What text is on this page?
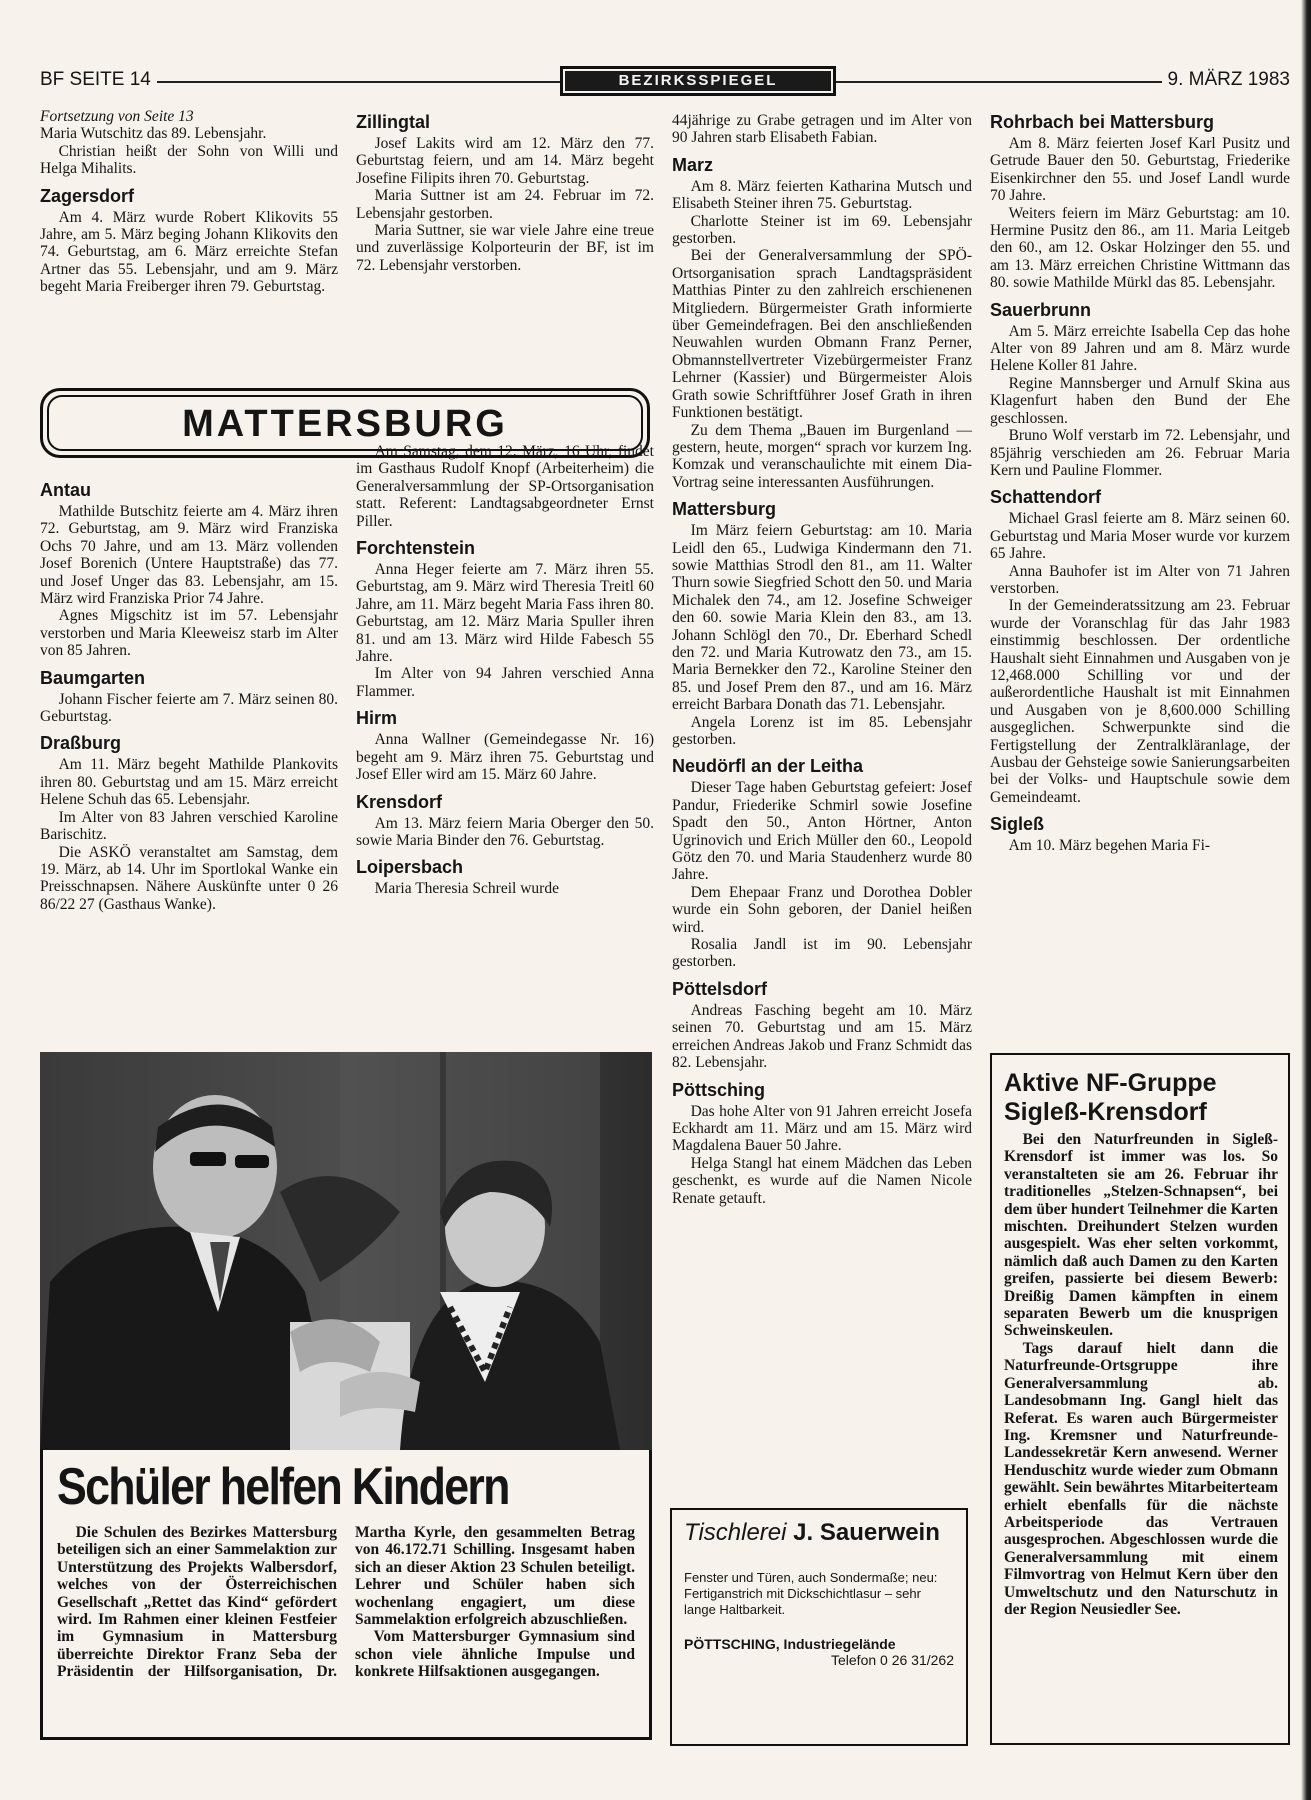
BF SEITE 14	BEZIRKSSPIEGEL	9. MÄRZ 1983

Fortsetzung von Seite 13

Maria Wutschitz das 89. Lebensjahr.

Christian heißt der Sohn von Willi und Helga Mihalits.

Zagersdorf

Am 4. März wurde Robert Klikovits 55 Jahre, am 5. März beging Johann Klikovits den 74. Geburtstag, am 6. März erreichte Stefan Artner das 55. Lebensjahr, und am 9. März begeht Maria Freiberger ihren 79. Geburtstag.

Zillingtal

Josef Lakits wird am 12. März den 77. Geburtstag feiern, und am 14. März begeht Josefine Filipits ihren 70. Geburtstag.

Maria Suttner ist am 24. Februar im 72. Lebensjahr gestorben.

Maria Suttner, sie war viele Jahre eine treue und zuverlässige Kolporteurin der BF, ist im 72. Lebensjahr verstorben.

MATTERSBURG
Antau

Mathilde Butschitz feierte am 4. März ihren 72. Geburtstag, am 9. März wird Franziska Ochs 70 Jahre, und am 13. März vollenden Josef Borenich (Untere Hauptstraße) das 77. und Josef Unger das 83. Lebensjahr, am 15. März wird Franziska Prior 74 Jahre.

Agnes Migschitz ist im 57. Lebensjahr verstorben und Maria Kleeweisz starb im Alter von 85 Jahren.

Baumgarten

Johann Fischer feierte am 7. März seinen 80. Geburtstag.

Draßburg

Am 11. März begeht Mathilde Plankovits ihren 80. Geburtstag und am 15. März erreicht Helene Schuh das 65. Lebensjahr.

Im Alter von 83 Jahren verschied Karoline Barischitz.

Die ASKÖ veranstaltet am Samstag, dem 19. März, ab 14. Uhr im Sportlokal Wanke ein Preisschnapsen. Nähere Auskünfte unter 0 26 86/22 27 (Gasthaus Wanke).

Am Samstag, dem 12. März, 16 Uhr, findet im Gasthaus Rudolf Knopf (Arbeiterheim) die Generalversammlung der SP-Ortsorganisation statt. Referent: Landtagsabgeordneter Ernst Piller.

Forchtenstein

Anna Heger feierte am 7. März ihren 55. Geburtstag, am 9. März wird Theresia Treitl 60 Jahre, am 11. März begeht Maria Fass ihren 80. Geburtstag, am 12. März Maria Spuller ihren 81. und am 13. März wird Hilde Fabesch 55 Jahre.

Im Alter von 94 Jahren verschied Anna Flammer.

Hirm

Anna Wallner (Gemeindegasse Nr. 16) begeht am 9. März ihren 75. Geburtstag und Josef Eller wird am 15. März 60 Jahre.

Krensdorf

Am 13. März feiern Maria Oberger den 50. sowie Maria Binder den 76. Geburtstag.

Loipersbach

Maria Theresia Schreil wurde

44jährige zu Grabe getragen und im Alter von 90 Jahren starb Elisabeth Fabian.

Marz

Am 8. März feierten Katharina Mutsch und Elisabeth Steiner ihren 75. Geburtstag.

Charlotte Steiner ist im 69. Lebensjahr gestorben.

Bei der Generalversammlung der SPÖ-Ortsorganisation sprach Landtagspräsident Matthias Pinter zu den zahlreich erschienenen Mitgliedern. Bürgermeister Grath informierte über Gemeindefragen. Bei den anschließenden Neuwahlen wurden Obmann Franz Perner, Obmannstellvertreter Vizebürgermeister Franz Lehrner (Kassier) und Bürgermeister Alois Grath sowie Schriftführer Josef Grath in ihren Funktionen bestätigt.

Zu dem Thema „Bauen im Burgenland — gestern, heute, morgen“ sprach vor kurzem Ing. Komzak und veranschaulichte mit einem Dia-Vortrag seine interessanten Ausführungen.

Mattersburg

Im März feiern Geburtstag: am 10. Maria Leidl den 65., Ludwiga Kindermann den 71. sowie Matthias Strodl den 81., am 11. Walter Thurn sowie Siegfried Schott den 50. und Maria Michalek den 74., am 12. Josefine Schweiger den 60. sowie Maria Klein den 83., am 13. Johann Schlögl den 70., Dr. Eberhard Schedl den 72. und Maria Kutrowatz den 73., am 15. Maria Bernekker den 72., Karoline Steiner den 85. und Josef Prem den 87., und am 16. März erreicht Barbara Donath das 71. Lebensjahr.

Angela Lorenz ist im 85. Lebensjahr gestorben.

Neudörfl an der Leitha

Dieser Tage haben Geburtstag gefeiert: Josef Pandur, Friederike Schmirl sowie Josefine Spadt den 50., Anton Hörtner, Anton Ugrinovich und Erich Müller den 60., Leopold Götz den 70. und Maria Staudenherz wurde 80 Jahre.

Dem Ehepaar Franz und Dorothea Dobler wurde ein Sohn geboren, der Daniel heißen wird.

Rosalia Jandl ist im 90. Lebensjahr gestorben.

Pöttelsdorf

Andreas Fasching begeht am 10. März seinen 70. Geburtstag und am 15. März erreichen Andreas Jakob und Franz Schmidt das 82. Lebensjahr.

Pöttsching

Das hohe Alter von 91 Jahren erreicht Josefa Eckhardt am 11. März und am 15. März wird Magdalena Bauer 50 Jahre.

Helga Stangl hat einem Mädchen das Leben geschenkt, es wurde auf die Namen Nicole Renate getauft.

Rohrbach bei Mattersburg

Am 8. März feierten Josef Karl Pusitz und Getrude Bauer den 50. Geburtstag, Friederike Eisenkirchner den 55. und Josef Landl wurde 70 Jahre.

Weiters feiern im März Geburtstag: am 10. Hermine Pusitz den 86., am 11. Maria Leitgeb den 60., am 12. Oskar Holzinger den 55. und am 13. März erreichen Christine Wittmann das 80. sowie Mathilde Mürkl das 85. Lebensjahr.

Sauerbrunn

Am 5. März erreichte Isabella Cep das hohe Alter von 89 Jahren und am 8. März wurde Helene Koller 81 Jahre.

Regine Mannsberger und Arnulf Skina aus Klagenfurt haben den Bund der Ehe geschlossen.

Bruno Wolf verstarb im 72. Lebensjahr, und 85jährig verschieden am 26. Februar Maria Kern und Pauline Flommer.

Schattendorf

Michael Grasl feierte am 8. März seinen 60. Geburtstag und Maria Moser wurde vor kurzem 65 Jahre.

Anna Bauhofer ist im Alter von 71 Jahren verstorben.

In der Gemeinderatssitzung am 23. Februar wurde der Voranschlag für das Jahr 1983 einstimmig beschlossen. Der ordentliche Haushalt sieht Einnahmen und Ausgaben von je 12,468.000 Schilling vor und der außerordentliche Haushalt ist mit Einnahmen und Ausgaben von je 8,600.000 Schilling ausgeglichen. Schwerpunkte sind die Fertigstellung der Zentralkläranlage, der Ausbau der Gehsteige sowie Sanierungsarbeiten bei der Volks- und Hauptschule sowie dem Gemeindeamt.

Sigleß

Am 10. März begehen Maria Fi-

Schüler helfen Kindern

Die Schulen des Bezirkes Mattersburg beteiligen sich an einer Sammelaktion zur Unterstützung des Projekts Walbersdorf, welches von der Österreichischen Gesellschaft „Rettet das Kind“ gefördert wird. Im Rahmen einer kleinen Festfeier im Gymnasium in Mattersburg überreichte Direktor Franz Seba der Präsidentin der Hilfsorganisation, Dr. Martha Kyrle, den gesammelten Betrag von 46.172.71 Schilling. Insgesamt haben sich an dieser Aktion 23 Schulen beteiligt. Lehrer und Schüler haben sich wochenlang engagiert, um diese Sammelaktion erfolgreich abzuschließen.

Vom Mattersburger Gymnasium sind schon viele ähnliche Impulse und konkrete Hilfsaktionen ausgegangen.

Tischlerei J. Sauerwein
Fenster und Türen, auch Sondermaße; neu: Fertiganstrich mit Dickschichtlasur – sehr lange Haltbarkeit.
PÖTTSCHING, Industriegelände
Telefon 0 26 31/262
Aktive NF-Gruppe Sigleß-Krensdorf

Bei den Naturfreunden in Sigleß-Krensdorf ist immer was los. So veranstalteten sie am 26. Februar ihr traditionelles „Stelzen-Schnapsen“, bei dem über hundert Teilnehmer die Karten mischten. Dreihundert Stelzen wurden ausgespielt. Was eher selten vorkommt, nämlich daß auch Damen zu den Karten greifen, passierte bei diesem Bewerb: Dreißig Damen kämpften in einem separaten Bewerb um die knusprigen Schweinskeulen.

Tags darauf hielt dann die Naturfreunde-Ortsgruppe ihre Generalversammlung ab. Landesobmann Ing. Gangl hielt das Referat. Es waren auch Bürgermeister Ing. Kremsner und Naturfreunde-Landessekretär Kern anwesend. Werner Henduschitz wurde wieder zum Obmann gewählt. Sein bewährtes Mitarbeiterteam erhielt ebenfalls für die nächste Arbeitsperiode das Vertrauen ausgesprochen. Abgeschlossen wurde die Generalversammlung mit einem Filmvortrag von Helmut Kern über den Umweltschutz und den Naturschutz in der Region Neusiedler See.
